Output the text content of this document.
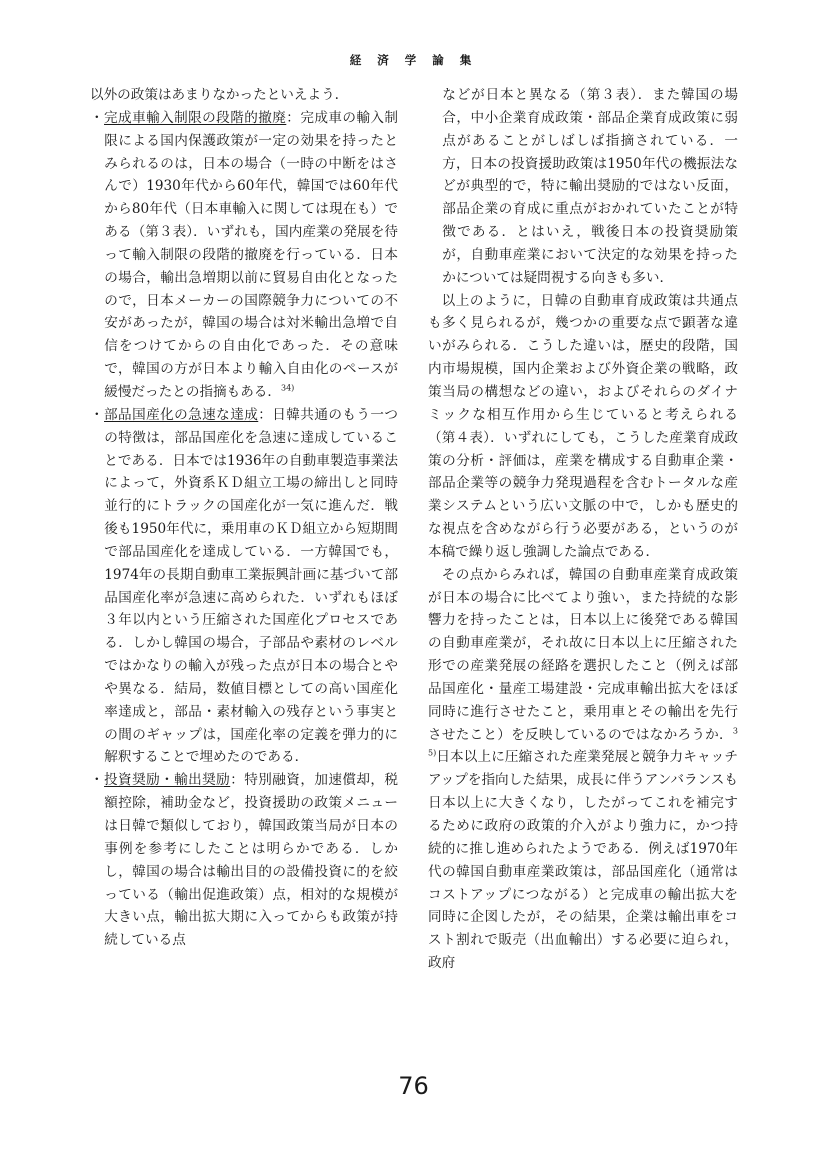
経 済 学 論 集

以外の政策はあまりなかったといえよう.

・完成車輸入制限の段階的撤廃：完成車の輸入制限による国内保護政策が一定の効果を持ったとみられるのは，日本の場合（一時の中断をはさんで）1930年代から60年代，韓国では60年代から80年代（日本車輸入に関しては現在も）である（第３表）．いずれも，国内産業の発展を待って輸入制限の段階的撤廃を行っている．日本の場合，輸出急増期以前に貿易自由化となったので，日本メーカーの国際競争力についての不安があったが，韓国の場合は対米輸出急増で自信をつけてからの自由化であった．その意味で，韓国の方が日本より輸入自由化のペースが緩慢だったとの指摘もある．$^{34)}$

・部品国産化の急速な達成：日韓共通のもう一つの特徴は，部品国産化を急速に達成していることである．日本では1936年の自動車製造事業法によって，外資系ＫＤ組立工場の締出しと同時並行的にトラックの国産化が一気に進んだ．戦後も1950年代に，乗用車のＫＤ組立から短期間で部品国産化を達成している．一方韓国でも，1974年の長期自動車工業振興計画に基づいて部品国産化率が急速に高められた．いずれもほぼ３年以内という圧縮された国産化プロセスである．しかし韓国の場合，子部品や素材のレベルではかなりの輸入が残った点が日本の場合とやや異なる．結局，数値目標としての高い国産化率達成と，部品・素材輸入の残存という事実との間のギャップは，国産化率の定義を弾力的に解釈することで埋めたのである．

・投資奨励・輸出奨励：特別融資，加速償却，税額控除，補助金など，投資援助の政策メニューは日韓で類似しており，韓国政策当局が日本の事例を参考にしたことは明らかである．しかし，韓国の場合は輸出目的の設備投資に的を絞っている（輸出促進政策）点，相対的な規模が大きい点，輸出拡大期に入ってからも政策が持続している点

などが日本と異なる（第３表）．また韓国の場合，中小企業育成政策・部品企業育成政策に弱点があることがしばしば指摘されている．一方，日本の投資援助政策は1950年代の機振法などが典型的で，特に輸出奨励的ではない反面，部品企業の育成に重点がおかれていたことが特徴である．とはいえ，戦後日本の投資奨励策が，自動車産業において決定的な効果を持ったかについては疑問視する向きも多い．

以上のように，日韓の自動車育成政策は共通点も多く見られるが，幾つかの重要な点で顕著な違いがみられる．こうした違いは，歴史的段階，国内市場規模，国内企業および外資企業の戦略，政策当局の構想などの違い，およびそれらのダイナミックな相互作用から生じていると考えられる（第４表）．いずれにしても，こうした産業育成政策の分析・評価は，産業を構成する自動車企業・部品企業等の競争力発現過程を含むトータルな産業システムという広い文脈の中で，しかも歴史的な視点を含めながら行う必要がある，というのが本稿で繰り返し強調した論点である．

その点からみれば，韓国の自動車産業育成政策が日本の場合に比べてより強い，また持続的な影響力を持ったことは，日本以上に後発である韓国の自動車産業が，それ故に日本以上に圧縮された形での産業発展の経路を選択したこと（例えば部品国産化・量産工場建設・完成車輸出拡大をほぼ同時に進行させたこと，乗用車とその輸出を先行させたこと）を反映しているのではなかろうか．$^{35)}$日本以上に圧縮された産業発展と競争力キャッチアップを指向した結果，成長に伴うアンバランスも日本以上に大きくなり，したがってこれを補完するために政府の政策的介入がより強力に，かつ持続的に推し進められたようである．例えば1970年代の韓国自動車産業政策は，部品国産化（通常はコストアップにつながる）と完成車の輸出拡大を同時に企図したが，その結果，企業は輸出車をコスト割れで販売（出血輸出）する必要に迫られ，政府

76
